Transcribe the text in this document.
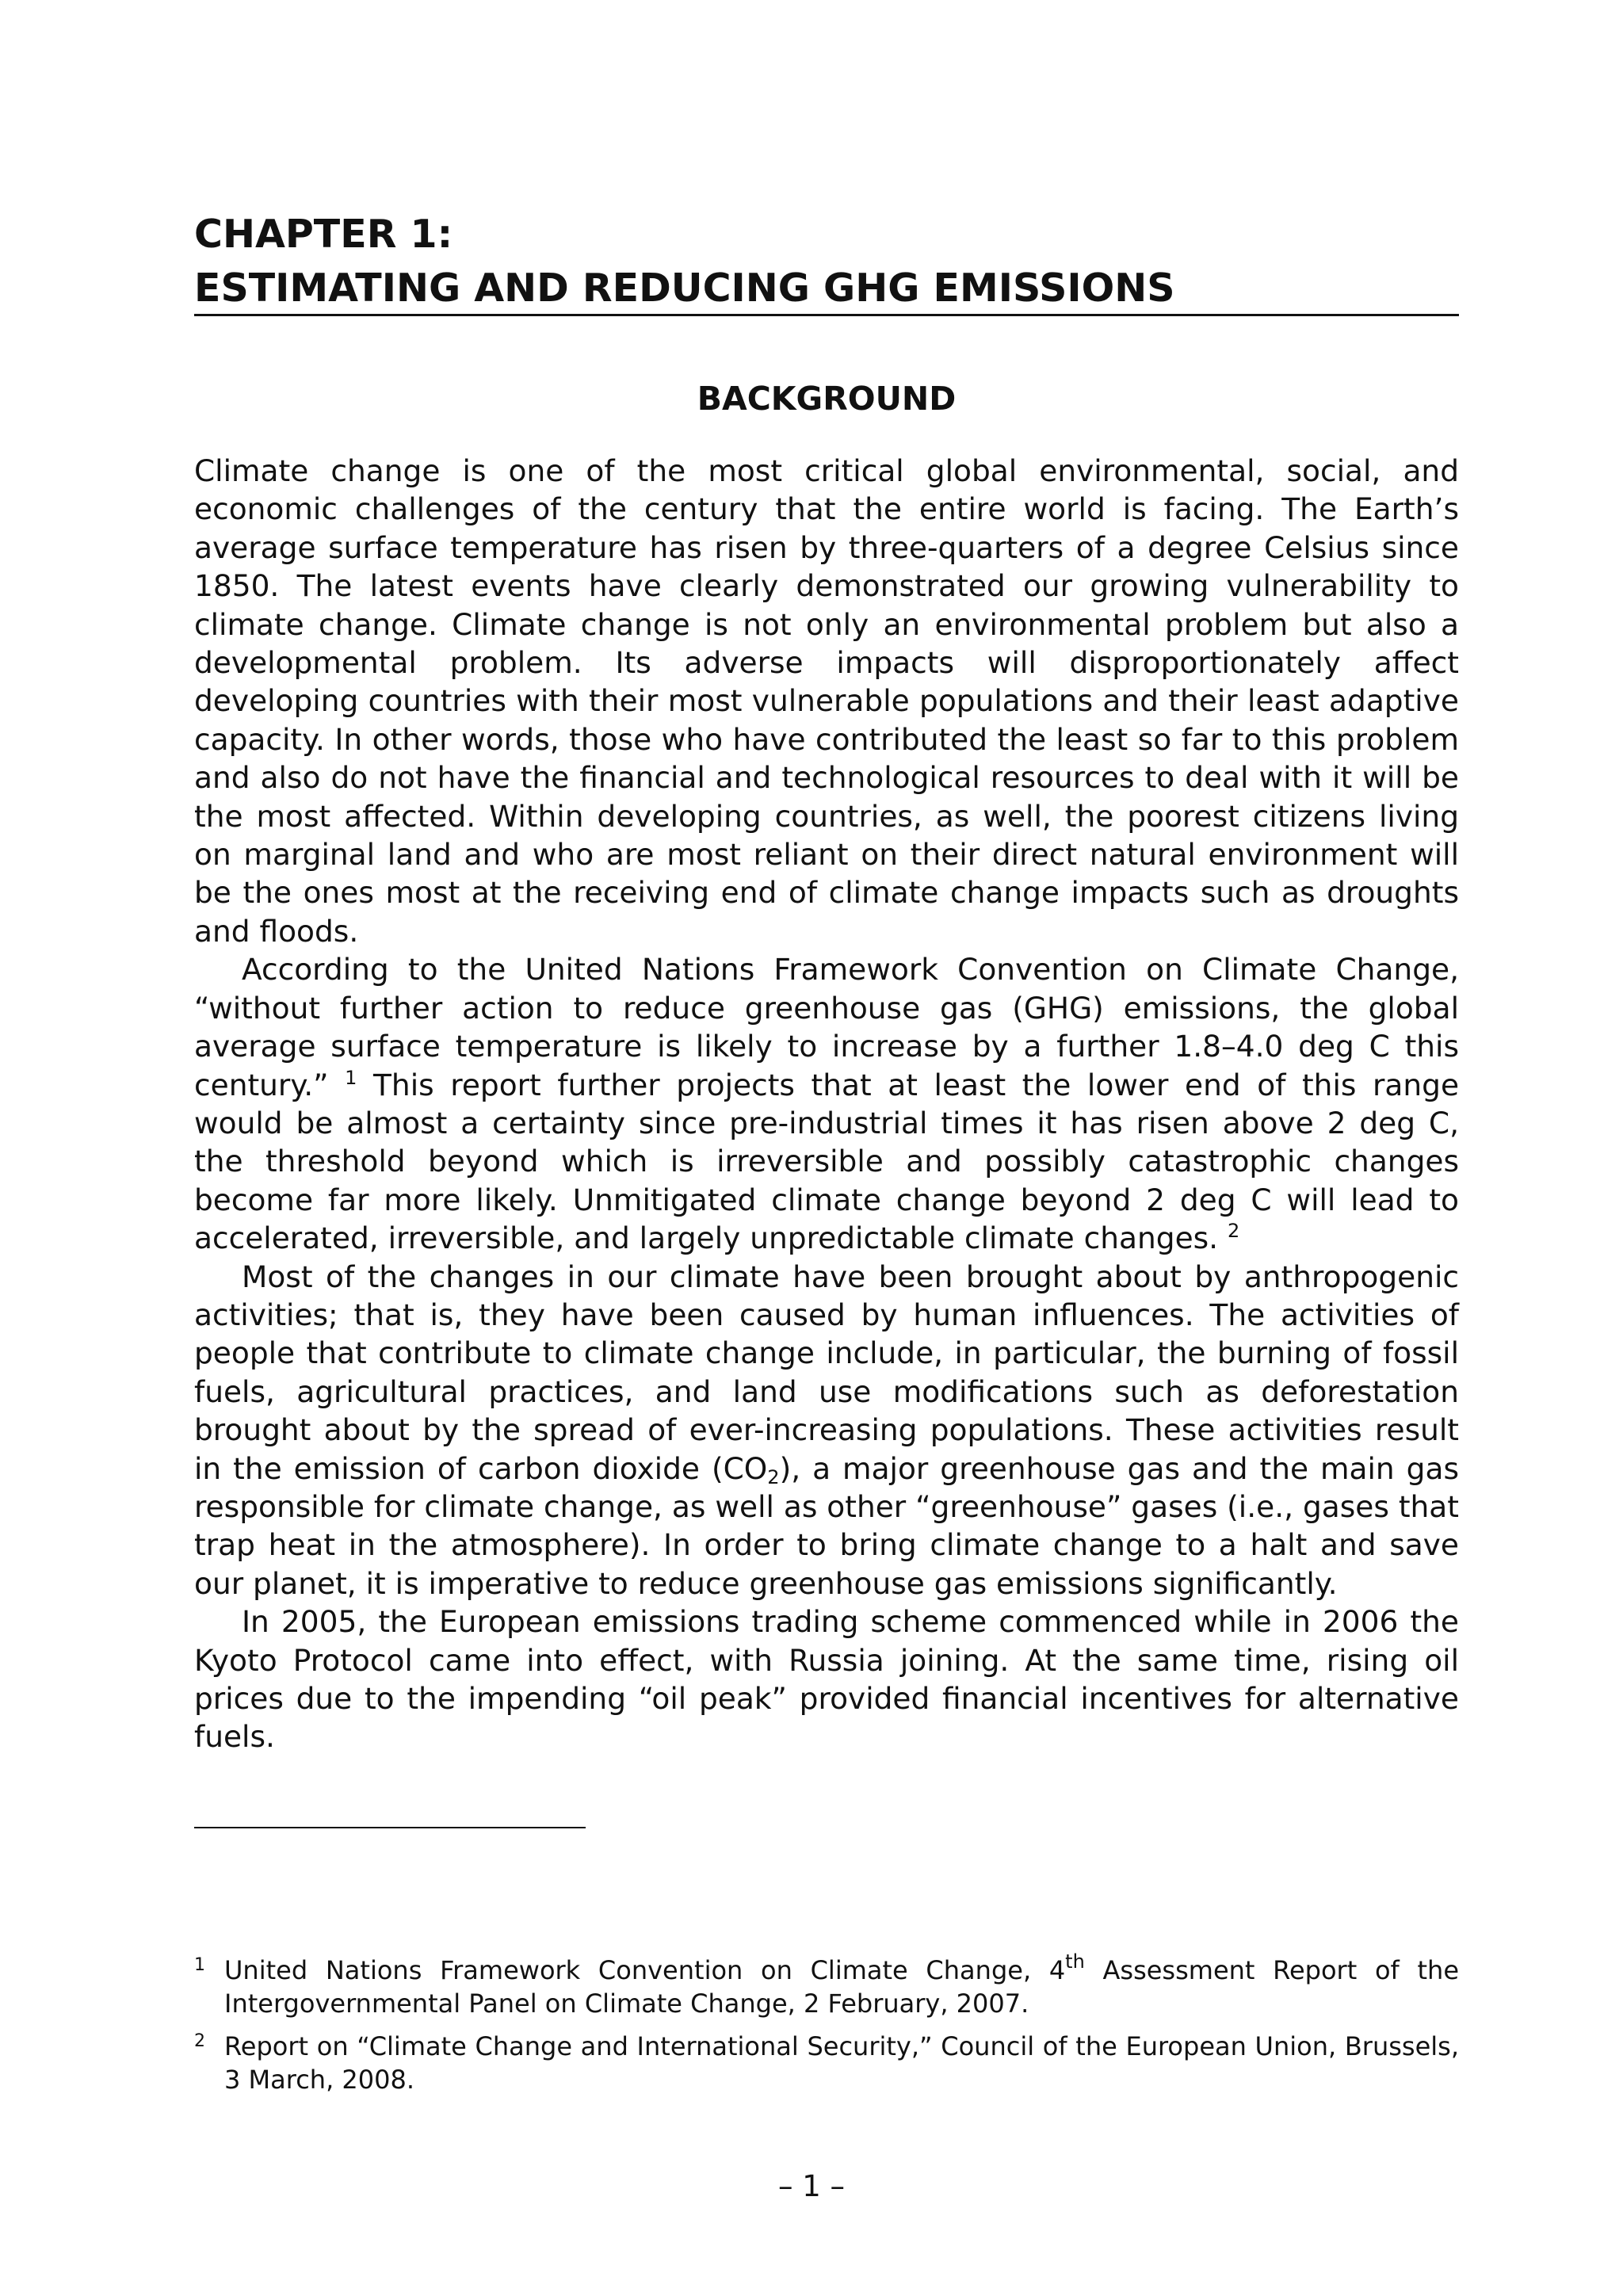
CHAPTER 1:
ESTIMATING AND REDUCING GHG EMISSIONS
BACKGROUND

Climate change is one of the most critical global environmental, social, and economic challenges of the century that the entire world is facing. The Earth’s average surface temperature has risen by three-quarters of a degree Celsius since 1850. The latest events have clearly demonstrated our growing vulnerability to climate change. Climate change is not only an environmental problem but also a developmental problem. Its adverse impacts will disproportionately affect developing countries with their most vulnerable populations and their least adaptive capacity. In other words, those who have contributed the least so far to this problem and also do not have the financial and technological resources to deal with it will be the most affected. Within developing countries, as well, the poorest citizens living on marginal land and who are most reliant on their direct natural environment will be the ones most at the receiving end of climate change impacts such as droughts and floods.

According to the United Nations Framework Convention on Climate Change, “without further action to reduce greenhouse gas (GHG) emissions, the global average surface temperature is likely to increase by a further 1.8–4.0 deg C this century.” $^1$ This report further projects that at least the lower end of this range would be almost a certainty since pre-industrial times it has risen above 2 deg C, the threshold beyond which is irreversible and possibly catastrophic changes become far more likely. Unmitigated climate change beyond 2 deg C will lead to accelerated, irreversible, and largely unpredictable climate changes. $^2$

Most of the changes in our climate have been brought about by anthropogenic activities; that is, they have been caused by human influences. The activities of people that contribute to climate change include, in particular, the burning of fossil fuels, agricultural practices, and land use modifications such as deforestation brought about by the spread of ever-increasing populations. These activities result in the emission of carbon dioxide $(CO_2)$, a major greenhouse gas and the main gas responsible for climate change, as well as other “greenhouse” gases (i.e., gases that trap heat in the atmosphere). In order to bring climate change to a halt and save our planet, it is imperative to reduce greenhouse gas emissions significantly.

In 2005, the European emissions trading scheme commenced while in 2006 the Kyoto Protocol came into effect, with Russia joining. At the same time, rising oil prices due to the impending “oil peak” provided financial incentives for alternative fuels.

1 United Nations Framework Convention on Climate Change, 4th Assessment Report of the Intergovernmental Panel on Climate Change, 2 February, 2007.
2 Report on “Climate Change and International Security,” Council of the European Union, Brussels, 3 March, 2008.
– 1 –
